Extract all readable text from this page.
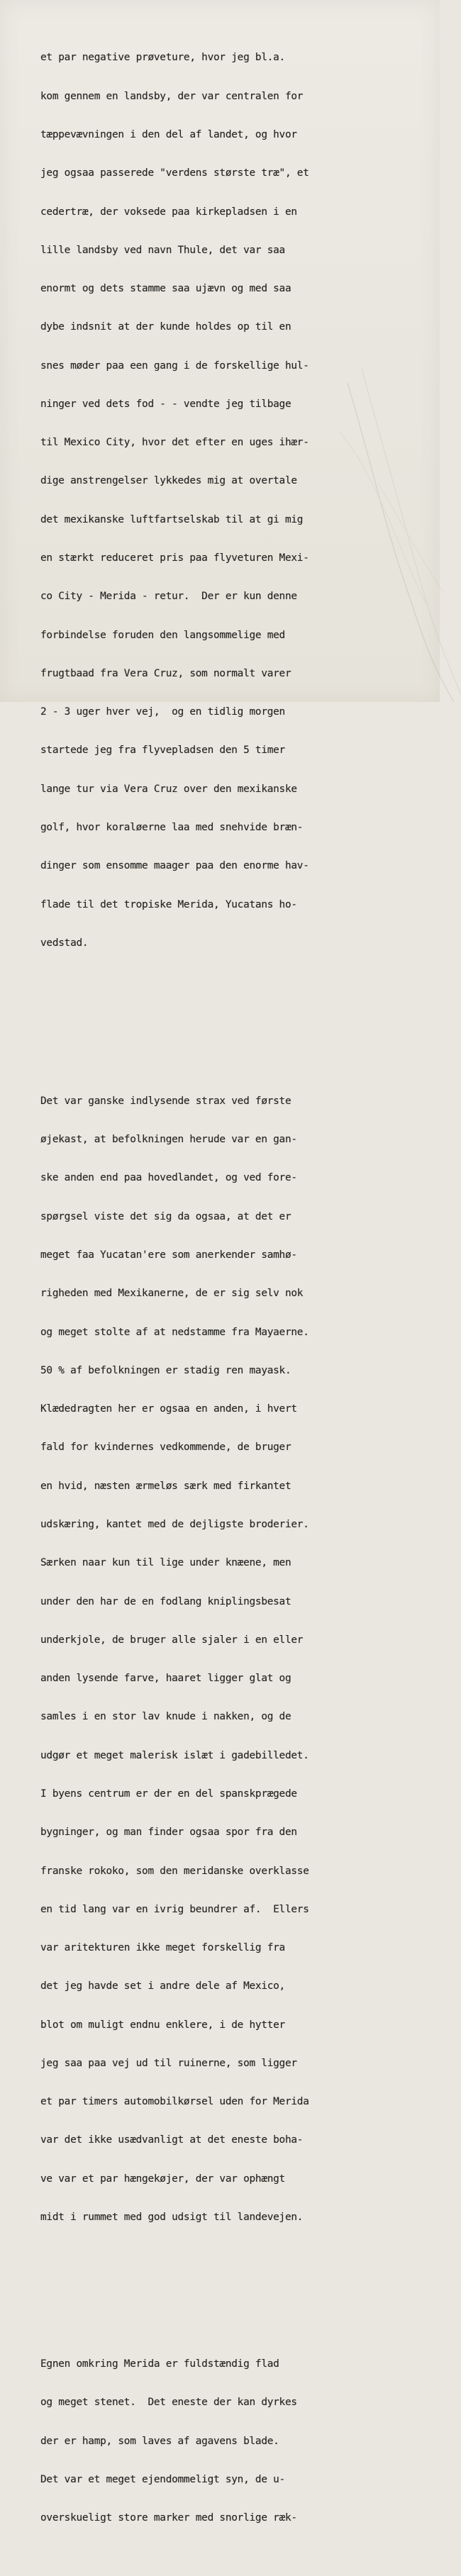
et par negative prøveture, hvor jeg bl.a.

kom gennem en landsby, der var centralen for

tæppevævningen i den del af landet, og hvor

jeg ogsaa passerede "verdens største træ", et

cedertræ, der voksede paa kirkepladsen i en

lille landsby ved navn Thule, det var saa

enormt og dets stamme saa ujævn og med saa

dybe indsnit at der kunde holdes op til en

snes møder paa een gang i de forskellige hul-

ninger ved dets fod - - vendte jeg tilbage

til Mexico City, hvor det efter en uges ihær-

dige anstrengelser lykkedes mig at overtale

det mexikanske luftfartselskab til at gi mig

en stærkt reduceret pris paa flyveturen Mexi-

co City - Merida - retur.  Der er kun denne

forbindelse foruden den langsommelige med

frugtbaad fra Vera Cruz, som normalt varer

2 - 3 uger hver vej,  og en tidlig morgen

startede jeg fra flyvepladsen den 5 timer

lange tur via Vera Cruz over den mexikanske

golf, hvor koraløerne laa med snehvide bræn-

dinger som ensomme maager paa den enorme hav-

flade til det tropiske Merida, Yucatans ho-

vedstad.

Det var ganske indlysende strax ved første

øjekast, at befolkningen herude var en gan-

ske anden end paa hovedlandet, og ved fore-

spørgsel viste det sig da ogsaa, at det er

meget faa Yucatan'ere som anerkender samhø-

righeden med Mexikanerne, de er sig selv nok

og meget stolte af at nedstamme fra Mayaerne.

50 % af befolkningen er stadig ren mayask.

Klædedragten her er ogsaa en anden, i hvert

fald for kvindernes vedkommende, de bruger

en hvid, næsten ærmeløs særk med firkantet

udskæring, kantet med de dejligste broderier.

Særken naar kun til lige under knæene, men

under den har de en fodlang kniplingsbesat

underkjole, de bruger alle sjaler i en eller

anden lysende farve, haaret ligger glat og

samles i en stor lav knude i nakken, og de

udgør et meget malerisk islæt i gadebilledet.

I byens centrum er der en del spanskprægede

bygninger, og man finder ogsaa spor fra den

franske rokoko, som den meridanske overklasse

en tid lang var en ivrig beundrer af.  Ellers

var aritekturen ikke meget forskellig fra

det jeg havde set i andre dele af Mexico,

blot om muligt endnu enklere, i de hytter

jeg saa paa vej ud til ruinerne, som ligger

et par timers automobilkørsel uden for Merida

var det ikke usædvanligt at det eneste boha-

ve var et par hængekøjer, der var ophængt

midt i rummet med god udsigt til landevejen.

Egnen omkring Merida er fuldstændig flad

og meget stenet.  Det eneste der kan dyrkes

der er hamp, som laves af agavens blade.

Det var et meget ejendommeligt syn, de u-

overskueligt store marker med snorlige ræk-
